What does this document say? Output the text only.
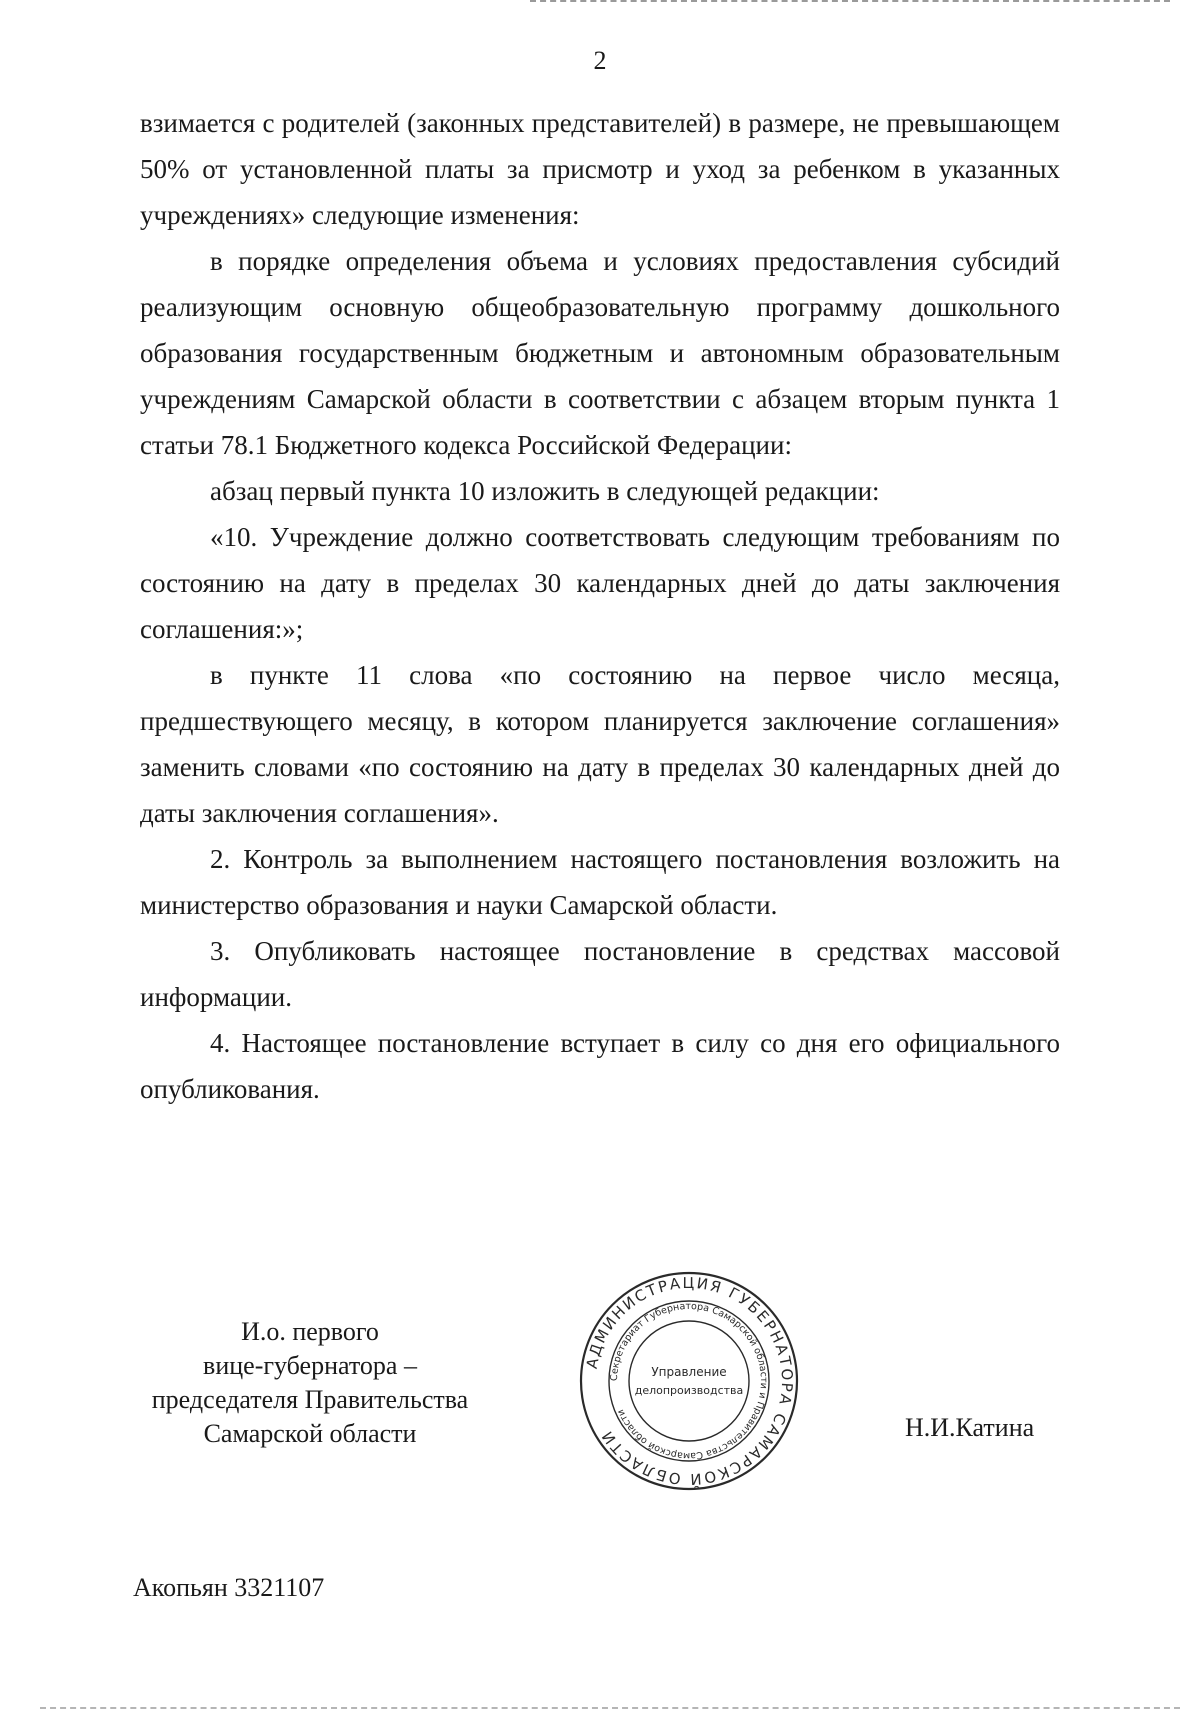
2

взимается с родителей (законных представителей) в размере, не превышающем 50% от установленной платы за присмотр и уход за ребенком в указанных учреждениях» следующие изменения:

в порядке определения объема и условиях предоставления субсидий реализующим основную общеобразовательную программу дошкольного образования государственным бюджетным и автономным образовательным учреждениям Самарской области в соответствии с абзацем вторым пункта 1 статьи 78.1 Бюджетного кодекса Российской Федерации:

абзац первый пункта 10 изложить в следующей редакции:

«10. Учреждение должно соответствовать следующим требованиям по состоянию на дату в пределах 30 календарных дней до даты заключения соглашения:»;

в пункте 11 слова «по состоянию на первое число месяца, предшествующего месяцу, в котором планируется заключение соглашения» заменить словами «по состоянию на дату в пределах 30 календарных дней до даты заключения соглашения».

2. Контроль за выполнением настоящего постановления возложить на министерство образования и науки Самарской области.

3. Опубликовать настоящее постановление в средствах массовой информации.

4. Настоящее постановление вступает в силу со дня его официального опубликования.

И.о. первого
вице-губернатора –
председателя Правительства
Самарской области
АДМИНИСТРАЦИЯ ГУБЕРНАТОРА САМАРСКОЙ ОБЛАСТИ
Секретариат Губернатора Самарской области и Правительства Самарской области
Управление
делопроизводства
Н.И.Катина
Акопьян 3321107
